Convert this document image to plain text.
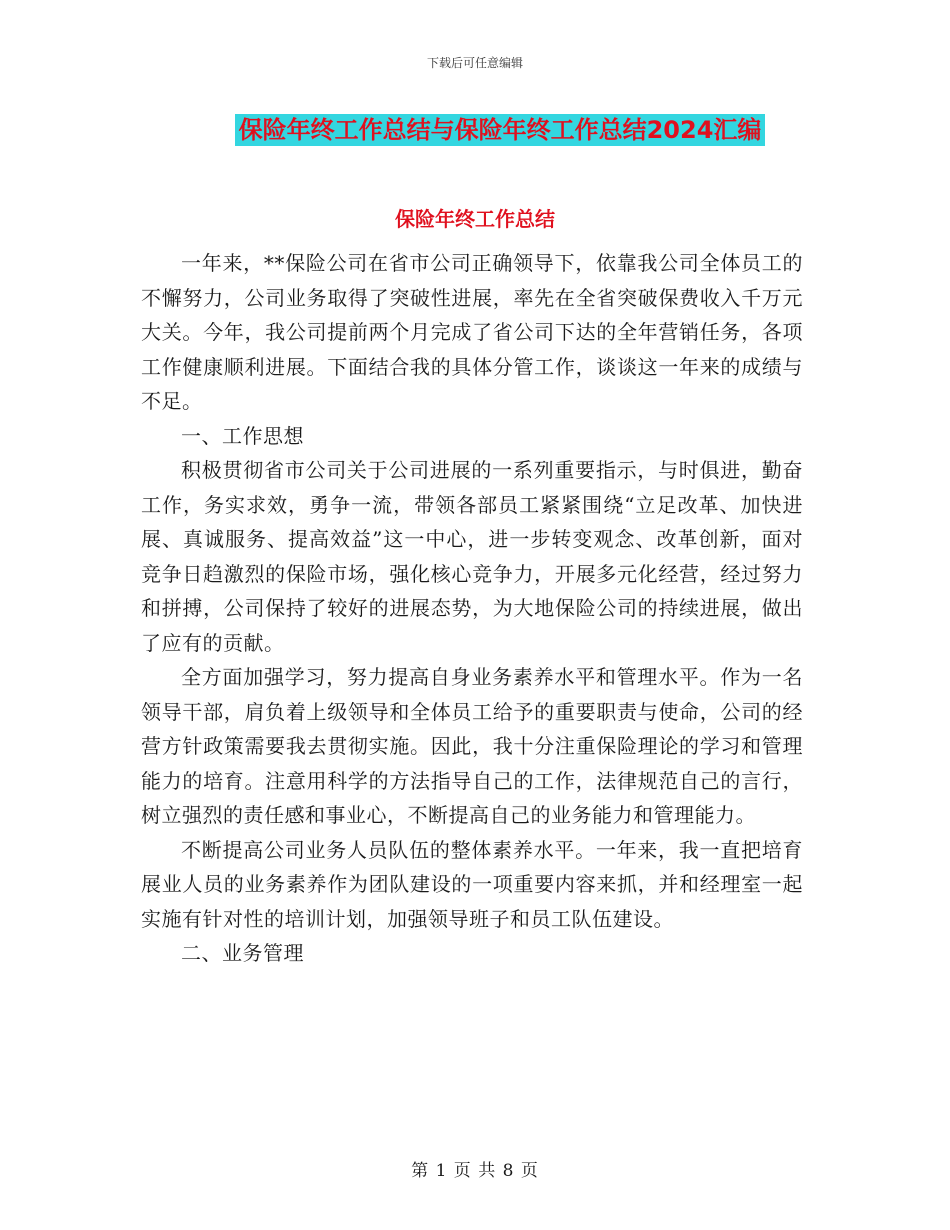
下载后可任意编辑
保险年终工作总结与保险年终工作总结2024汇编
保险年终工作总结

一年来，**保险公司在省市公司正确领导下，依靠我公司全体员工的不懈努力，公司业务取得了突破性进展，率先在全省突破保费收入千万元大关。今年，我公司提前两个月完成了省公司下达的全年营销任务，各项工作健康顺利进展。下面结合我的具体分管工作，谈谈这一年来的成绩与不足。

一、工作思想

积极贯彻省市公司关于公司进展的一系列重要指示，与时俱进，勤奋工作，务实求效，勇争一流，带领各部员工紧紧围绕“立足改革、加快进展、真诚服务、提高效益”这一中心，进一步转变观念、改革创新，面对竞争日趋激烈的保险市场，强化核心竞争力，开展多元化经营，经过努力和拼搏，公司保持了较好的进展态势，为大地保险公司的持续进展，做出了应有的贡献。

全方面加强学习，努力提高自身业务素养水平和管理水平。作为一名领导干部，肩负着上级领导和全体员工给予的重要职责与使命，公司的经营方针政策需要我去贯彻实施。因此，我十分注重保险理论的学习和管理能力的培育。注意用科学的方法指导自己的工作，法律规范自己的言行，树立强烈的责任感和事业心，不断提高自己的业务能力和管理能力。

不断提高公司业务人员队伍的整体素养水平。一年来，我一直把培育展业人员的业务素养作为团队建设的一项重要内容来抓，并和经理室一起实施有针对性的培训计划，加强领导班子和员工队伍建设。

二、业务管理

第 1 页 共 8 页
